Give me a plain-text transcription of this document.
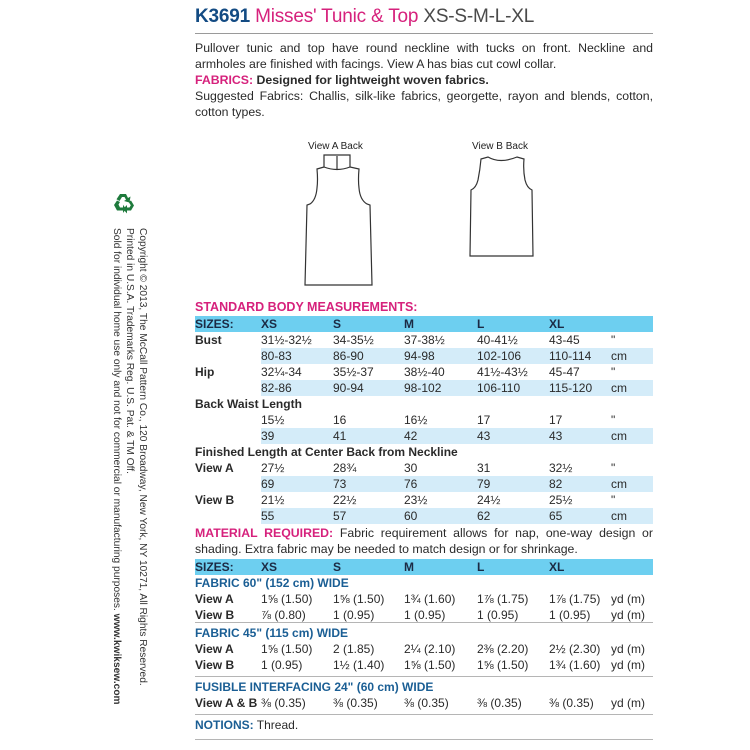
Copyright © 2013, The McCall Pattern Co., 120 Broadway, New York, NY 10271, All Rights Reserved.
Printed in U.S.A. Trademarks Reg. U.S. Pat. & TM Off.
Sold for individual home use only and not for commercial or manufacturing purposes. www.kwiksew.com
K3691 Misses' Tunic & Top XS-S-M-L-XL
Pullover tunic and top have round neckline with tucks on front. Neckline and armholes are finished with facings. View A has bias cut cowl collar.
FABRICS: Designed for lightweight woven fabrics.
Suggested Fabrics: Challis, silk-like fabrics, georgette, rayon and blends, cotton, cotton types.
View A Back	View B Back
STANDARD BODY MEASUREMENTS:
SIZES:	XS	S	M	L	XL	
Bust	31½-32½	34-35½	37-38½	40-41½	43-45	"
	80-83	86-90	94-98	102-106	110-114	cm
Hip	32¼-34	35½-37	38½-40	41½-43½	45-47	"
	82-86	90-94	98-102	106-110	115-120	cm
Back Waist Length						
	15½	16	16½	17	17	"
	39	41	42	43	43	cm
Finished Length at Center Back from Neckline						
View A	27½	28¾	30	31	32½	"
	69	73	76	79	82	cm
View B	21½	22½	23½	24½	25½	"
	55	57	60	62	65	cm
MATERIAL REQUIRED: Fabric requirement allows for nap, one-way design or shading. Extra fabric may be needed to match design or for shrinkage.
SIZES:	XS	S	M	L	XL	
FABRIC 60" (152 cm) WIDE						
View A	1⅝ (1.50)	1⅝ (1.50)	1¾ (1.60)	1⅞ (1.75)	1⅞ (1.75)	yd (m)
View B	⅞ (0.80)	1 (0.95)	1 (0.95)	1 (0.95)	1 (0.95)	yd (m)
FABRIC 45" (115 cm) WIDE						
View A	1⅝ (1.50)	2 (1.85)	2¼ (2.10)	2⅜ (2.20)	2½ (2.30)	yd (m)
View B	1 (0.95)	1½ (1.40)	1⅝ (1.50)	1⅝ (1.50)	1¾ (1.60)	yd (m)
FUSIBLE INTERFACING 24" (60 cm) WIDE
View A & B	⅜ (0.35)	⅜ (0.35)	⅜ (0.35)	⅜ (0.35)	⅜ (0.35)	yd (m)
NOTIONS: Thread.
